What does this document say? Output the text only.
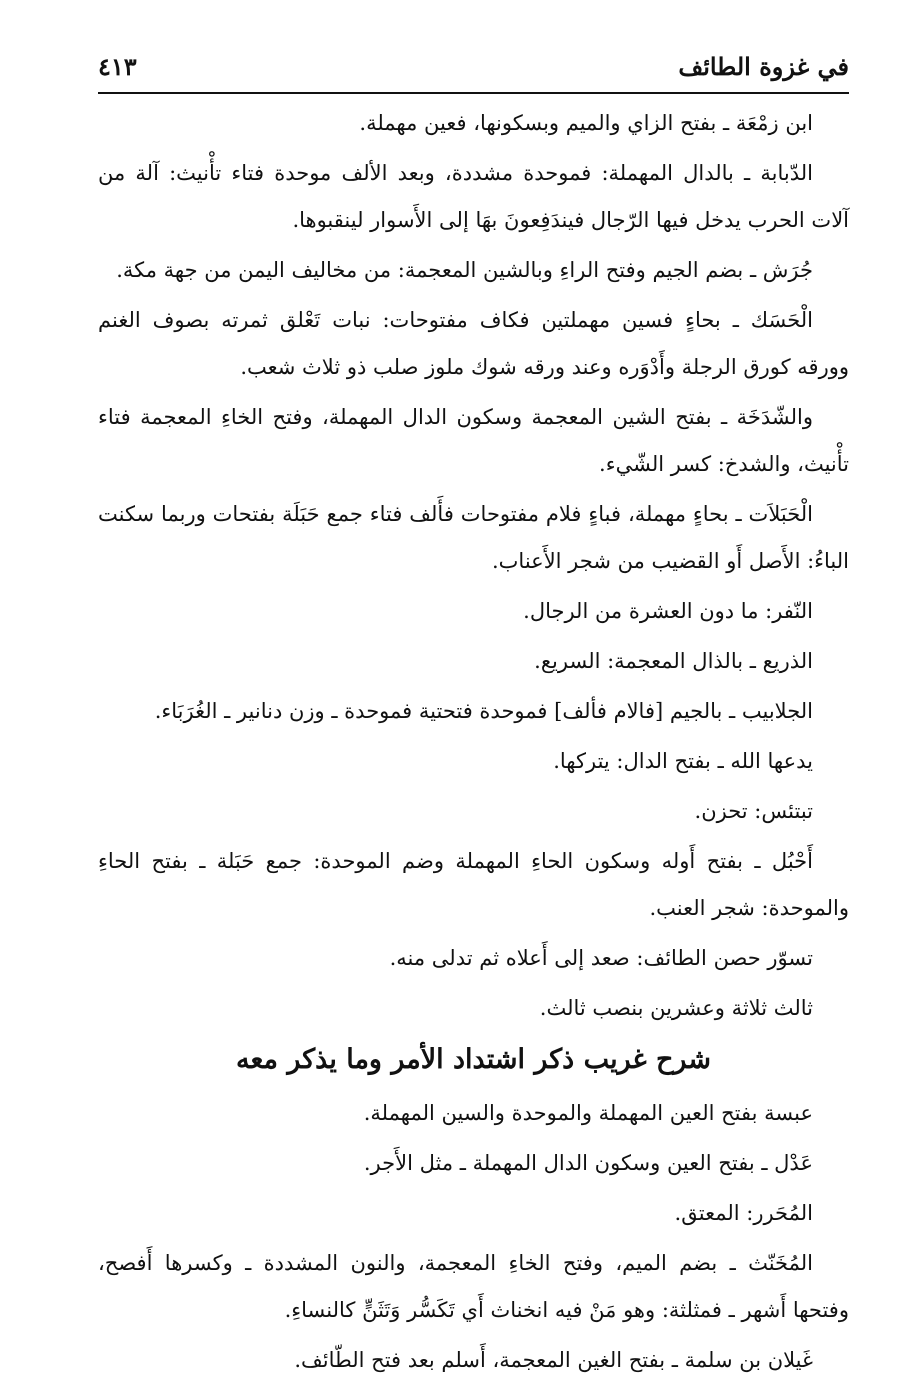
في غزوة الطائف
٤١٣

ابن زمْعَة ـ بفتح الزاي والميم وبسكونها، فعين مهملة.

الدّبابة ـ بالدال المهملة: فموحدة مشددة، وبعد الألف موحدة فتاء تأْنيث: آلة من آلات الحرب يدخل فيها الرّجال فيندَفِعونَ بهَا إلى الأَسوار لينقبوها.

جُرَش ـ بضم الجيم وفتح الراءِ وبالشين المعجمة: من مخاليف اليمن من جهة مكة.

الْحَسَك ـ بحاءٍ فسين مهملتين فكاف مفتوحات: نبات تَعْلق ثمرته بصوف الغنم وورقه كورق الرجلة وأَدْوَره وعند ورقه شوك ملوز صلب ذو ثلاث شعب.

والشّدَخَة ـ بفتح الشين المعجمة وسكون الدال المهملة، وفتح الخاءِ المعجمة فتاء تأْنيث، والشدخ: كسر الشّيء.

الْحَبَلاَت ـ بحاءٍ مهملة، فباءٍ فلام مفتوحات فأَلف فتاء جمع حَبَلَة بفتحات وربما سكنت الباءُ: الأَصل أَو القضيب من شجر الأَعناب.

النّفر: ما دون العشرة من الرجال.

الذريع ـ بالذال المعجمة: السريع.

الجلابيب ـ بالجيم [فالام فألف] فموحدة فتحتية فموحدة ـ وزن دنانير ـ الغُرَبَاء.

يدعها الله ـ بفتح الدال: يتركها.

تبتئس: تحزن.

أَحْبُل ـ بفتح أَوله وسكون الحاءِ المهملة وضم الموحدة: جمع حَبَلة ـ بفتح الحاءِ والموحدة: شجر العنب.

تسوّر حصن الطائف: صعد إلى أَعلاه ثم تدلى منه.

ثالث ثلاثة وعشرين بنصب ثالث.

شرح غريب ذكر اشتداد الأمر وما يذكر معه

عبسة بفتح العين المهملة والموحدة والسين المهملة.

عَدْل ـ بفتح العين وسكون الدال المهملة ـ مثل الأَجر.

المُحَرر: المعتق.

المُخَنّث ـ بضم الميم، وفتح الخاءِ المعجمة، والنون المشددة ـ وكسرها أَفصح، وفتحها أَشهر ـ فمثلثة: وهو مَنْ فيه انخناث أَي تَكَسُّر وَتَثَنٍّ كالنساءِ.

غَيلان بن سلمة ـ بفتح الغين المعجمة، أَسلم بعد فتح الطّائف.
